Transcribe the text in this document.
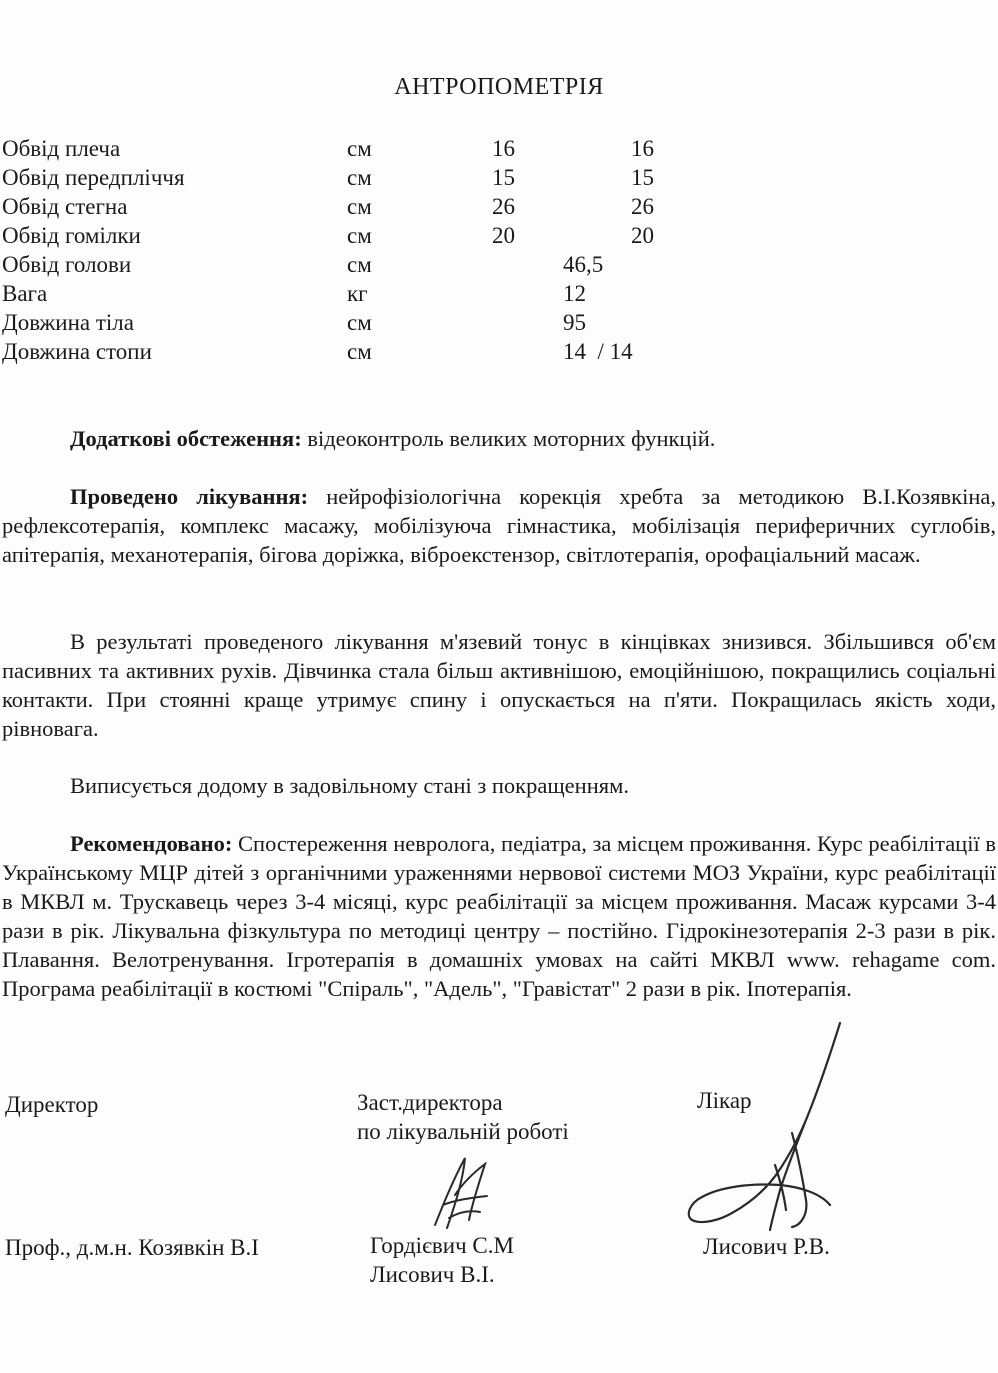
АНТРОПОМЕТРІЯ
Обвід плеча	см	16	16
Обвід передпліччя	см	15	15
Обвід стегна	см	26	26
Обвід гомілки	см	20	20
Обвід голови	см	46,5
Вага	кг	12
Довжина тіла	см	95
Довжина стопи	см	14  / 14
Додаткові обстеження: відеоконтроль великих моторних функцій.
Проведено лікування: нейрофізіологічна корекція хребта за методикою В.І.Козявкіна, рефлексотерапія, комплекс масажу, мобілізуюча гімнастика, мобілізація периферичних суглобів, апітерапія, механотерапія, бігова доріжка, віброекстензор, світлотерапія, орофаціальний масаж.
В результаті проведеного лікування м'язевий тонус в кінцівках знизився. Збільшився об'єм пасивних та активних рухів. Дівчинка стала більш активнішою, емоційнішою, покращились соціальні контакти. При стоянні краще утримує спину і опускається на п'яти. Покращилась якість ходи, рівновага.
Виписується додому в задовільному стані з покращенням.
Рекомендовано: Спостереження невролога, педіатра, за місцем проживання. Курс реабілітації в Українському МЦР дітей з органічними ураженнями нервової системи МОЗ України, курс реабілітації в МКВЛ м. Трускавець через 3-4 місяці, курс реабілітації за місцем проживання. Масаж курсами 3-4 рази в рік. Лікувальна фізкультура по методиці центру – постійно. Гідрокінезотерапія 2-3 рази в рік. Плавання. Велотренування. Ігротерапія в домашніх умовах на сайті МКВЛ www. rehagame com. Програма реабілітації в костюмі "Спіраль", "Адель", "Гравістат" 2 рази в рік. Іпотерапія.
Директор	Заст.директора
по лікувальній роботі
Лікар
Проф., д.м.н. Козявкін В.І	Гордієвич С.М
Лисович В.І.
Лисович Р.В.
